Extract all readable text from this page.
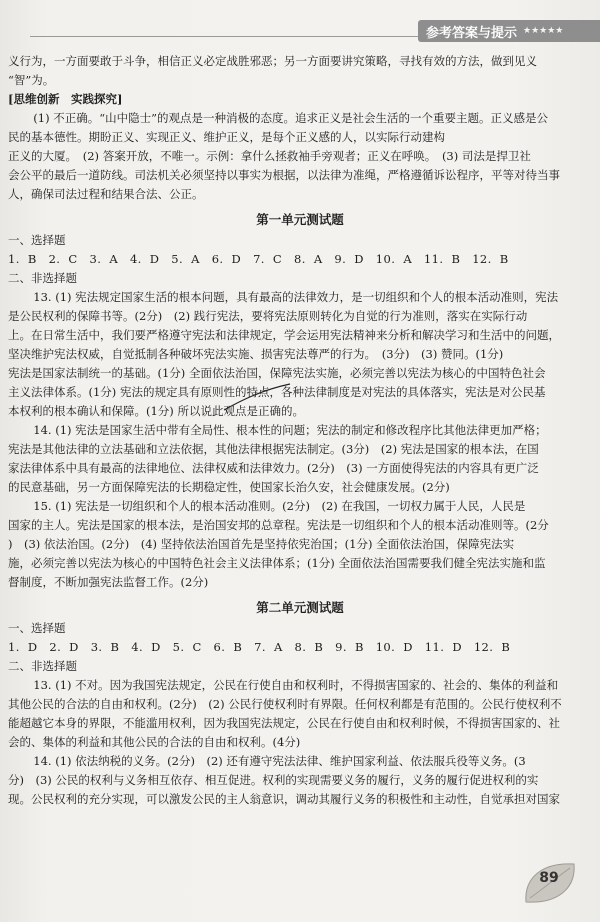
参考答案与提示 ★★★★★

义行为，一方面要敢于斗争，相信正义必定战胜邪恶；另一方面要讲究策略，寻找有效的方法，做到见义

“智”为。

[思维创新　实践探究]

(1) 不正确。“山中隐士”的观点是一种消极的态度。追求正义是社会生活的一个重要主题。正义感是公

民的基本德性。期盼正义、实现正义、维护正义，是每个正义感的人，以实际行动建构

正义的大厦。　(2) 答案开放，不唯一。示例：拿什么拯救袖手旁观者；正义在呼唤。　(3) 司法是捍卫社

会公平的最后一道防线。司法机关必须坚持以事实为根据，以法律为准绳，严格遵循诉讼程序，平等对待当事

人，确保司法过程和结果合法、公正。

第一单元测试题

一、选择题

1. B　2. C　3. A　4. D　5. A　6. D　7. C　8. A　9. D　10. A　11. B　12. B

二、非选择题

13. (1) 宪法规定国家生活的根本问题，具有最高的法律效力，是一切组织和个人的根本活动准则，宪法

是公民权利的保障书等。(2分)　(2) 践行宪法，要将宪法原则转化为自觉的行为准则，落实在实际行动

上。在日常生活中，我们要严格遵守宪法和法律规定，学会运用宪法精神来分析和解决学习和生活中的问题，

坚决维护宪法权威，自觉抵制各种破坏宪法实施、损害宪法尊严的行为。　(3分)　(3) 赞同。(1分)

宪法是国家法制统一的基础。(1分) 全面依法治国，保障宪法实施，必须完善以宪法为核心的中国特色社会

主义法律体系。(1分) 宪法的规定具有原则性的特点，各种法律制度是对宪法的具体落实，宪法是对公民基

本权利的根本确认和保障。(1分) 所以说此观点是正确的。

14. (1) 宪法是国家生活中带有全局性、根本性的问题；宪法的制定和修改程序比其他法律更加严格；

宪法是其他法律的立法基础和立法依据，其他法律根据宪法制定。(3分)　(2) 宪法是国家的根本法，在国

家法律体系中具有最高的法律地位、法律权威和法律效力。(2分)　(3) 一方面使得宪法的内容具有更广泛

的民意基础，另一方面保障宪法的长期稳定性，使国家长治久安，社会健康发展。(2分)

15. (1) 宪法是一切组织和个人的根本活动准则。(2分)　(2) 在我国，一切权力属于人民，人民是

国家的主人。宪法是国家的根本法，是治国安邦的总章程。宪法是一切组织和个人的根本活动准则等。(2分

)　(3) 依法治国。(2分)　(4) 坚持依法治国首先是坚持依宪治国；(1分) 全面依法治国，保障宪法实

施，必须完善以宪法为核心的中国特色社会主义法律体系；(1分) 全面依法治国需要我们健全宪法实施和监

督制度，不断加强宪法监督工作。(2分)

第二单元测试题

一、选择题

1. D　2. D　3. B　4. D　5. C　6. B　7. A　8. B　9. B　10. D　11. D　12. B

二、非选择题

13. (1) 不对。因为我国宪法规定，公民在行使自由和权利时，不得损害国家的、社会的、集体的利益和

其他公民的合法的自由和权利。(2分)　(2) 公民行使权利时有界限。任何权利都是有范围的。公民行使权利不

能超越它本身的界限，不能滥用权利，因为我国宪法规定，公民在行使自由和权利时候，不得损害国家的、社

会的、集体的利益和其他公民的合法的自由和权利。(4分)

14. (1) 依法纳税的义务。(2分)　(2) 还有遵守宪法法律、维护国家利益、依法服兵役等义务。(3

分)　(3) 公民的权利与义务相互依存、相互促进。权利的实现需要义务的履行，义务的履行促进权利的实

现。公民权利的充分实现，可以激发公民的主人翁意识，调动其履行义务的积极性和主动性，自觉承担对国家

89
